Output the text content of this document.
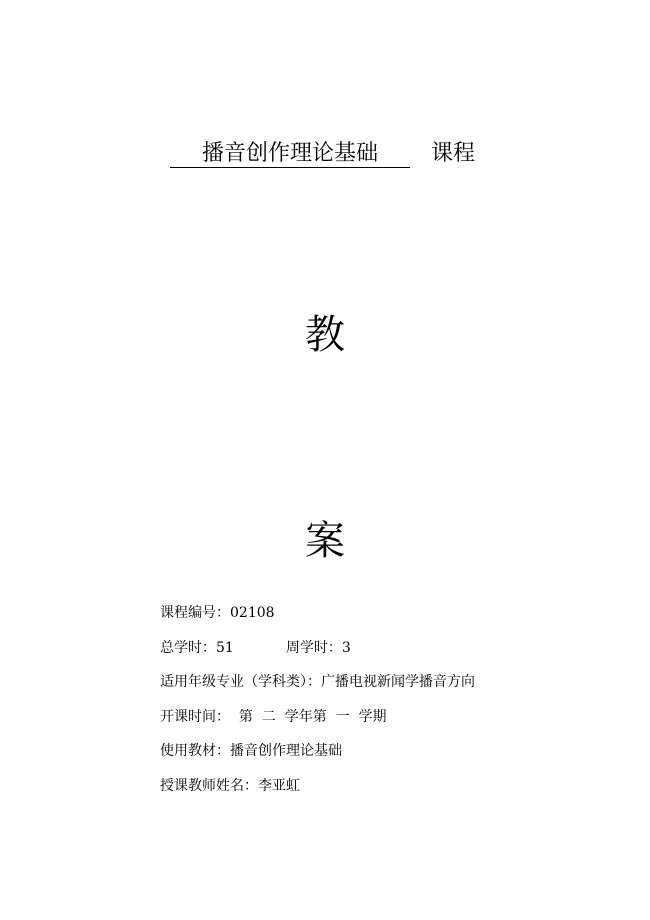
播音创作理论基础	课程
教
案
课程编号：02108
总学时：51	周学时：3
适用年级专业（学科类）：广播电视新闻学播音方向
开课时间：  第  二  学年第  一  学期
使用教材：播音创作理论基础
授课教师姓名：李亚虹
